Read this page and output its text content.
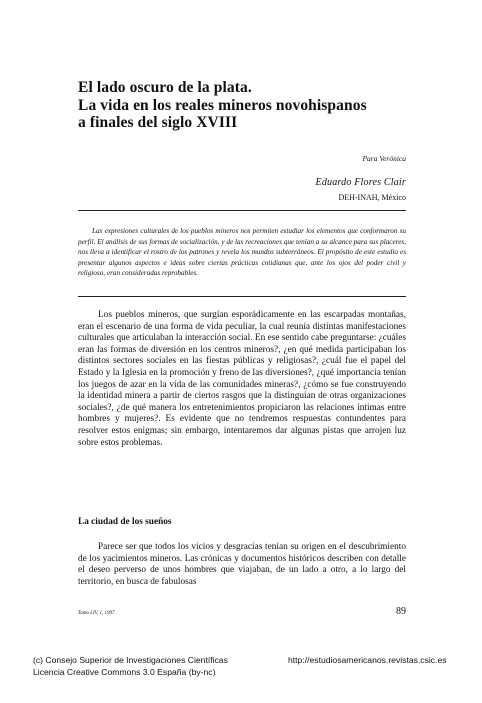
El lado oscuro de la plata.
La vida en los reales mineros novohispanos
a finales del siglo XVIII
Para Verónica
Eduardo Flores Clair
DEH-INAH, México
Las expresiones culturales de los pueblos mineros nos permiten estudiar los elementos que conformaron su perfil. El análisis de sus formas de socialización, y de las recreaciones que tenían a su alcance para sus placeres, nos lleva a identificar el rostro de los patrones y revela los mundos subterráneos. El propósito de este estudio es presentar algunos aspectos e ideas sobre ciertas prácticas cotidianas que, ante los ojos del poder civil y religioso, eran consideradas reprobables.
Los pueblos mineros, que surgían esporádicamente en las escarpadas montañas, eran el escenario de una forma de vida peculiar, la cual reunía distintas manifestaciones culturales que articulaban la interacción social. En ese sentido cabe preguntarse: ¿cuáles eran las formas de diversión en los centros mineros?, ¿en qué medida participaban los distintos sectores sociales en las fiestas públicas y religiosas?, ¿cuál fue el papel del Estado y la Iglesia en la promoción y freno de las diversiones?, ¿qué importancia tenían los juegos de azar en la vida de las comunidades mineras?, ¿cómo se fue construyendo la identidad minera a partir de ciertos rasgos que la distinguían de otras organizaciones sociales?, ¿de qué manera los entretenimientos propiciaron las relaciones íntimas entre hombres y mujeres?. Es evidente que no tendremos respuestas contundentes para resolver estos enigmas; sin embargo, intentaremos dar algunas pistas que arrojen luz sobre estos problemas.
La ciudad de los sueños
Parece ser que todos los vicios y desgracias tenían su origen en el descubrimiento de los yacimientos mineros. Las crónicas y documentos históricos describen con detalle el deseo perverso de unos hombres que viajaban, de un lado a otro, a lo largo del territorio, en busca de fabulosas
Tomo LIV, 1, 1997	89
(c) Consejo Superior de Investigaciones Científicas
Licencia Creative Commons 3.0 España (by-nc)
http://estudiosamericanos.revistas.csic.es
